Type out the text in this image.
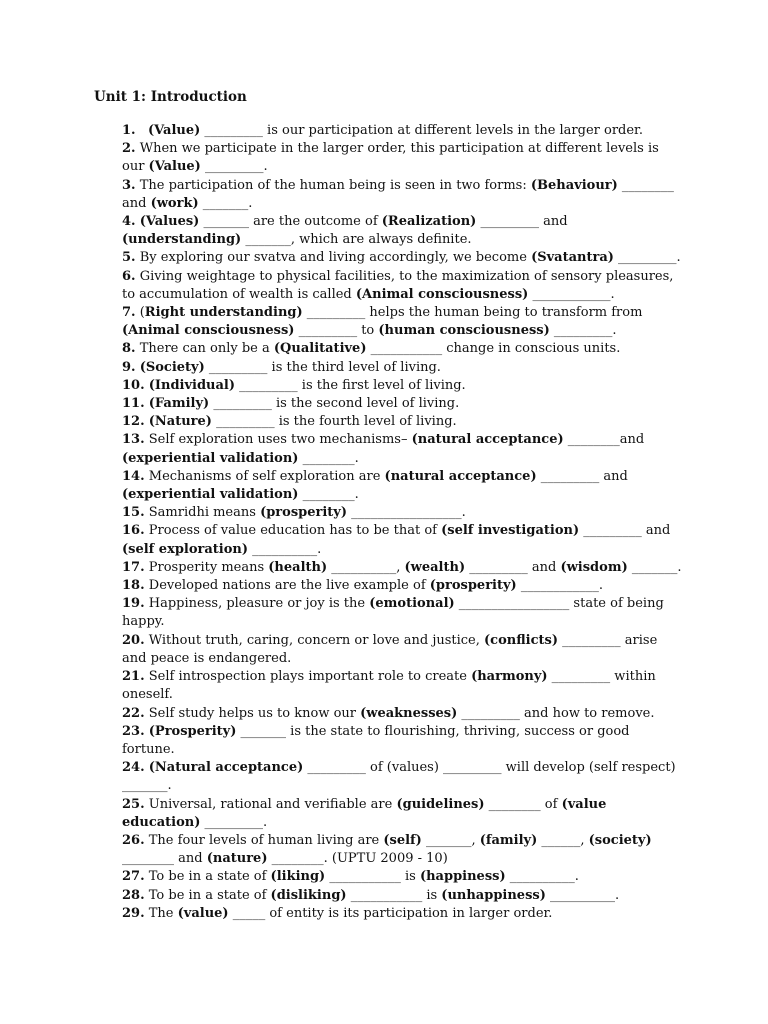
Unit 1: Introduction
1. (Value) _________ is our participation at different levels in the larger order.
2. When we participate in the larger order, this participation at different levels is our (Value) _________.
3. The participation of the human being is seen in two forms: (Behaviour) ________ and (work) _______.
4. (Values) _______ are the outcome of (Realization) _________ and (understanding) _______, which are always definite.
5. By exploring our svatva and living accordingly, we become (Svatantra) _________.
6. Giving weightage to physical facilities, to the maximization of sensory pleasures, to accumulation of wealth is called (Animal consciousness) ____________.
7. (Right understanding) _________ helps the human being to transform from (Animal consciousness) _________ to (human consciousness) _________.
8. There can only be a (Qualitative) ___________ change in conscious units.
9. (Society) _________ is the third level of living.
10. (Individual) _________ is the first level of living.
11. (Family) _________ is the second level of living.
12. (Nature) _________ is the fourth level of living.
13. Self exploration uses two mechanisms– (natural acceptance) ________and (experiential validation) ________.
14. Mechanisms of self exploration are (natural acceptance) _________ and (experiential validation) ________.
15. Samridhi means (prosperity) _________________.
16. Process of value education has to be that of (self investigation) _________ and (self exploration) __________.
17. Prosperity means (health) __________, (wealth) _________ and (wisdom) _______.
18. Developed nations are the live example of (prosperity) ____________.
19. Happiness, pleasure or joy is the (emotional) _________________ state of being happy.
20. Without truth, caring, concern or love and justice, (conflicts) _________ arise and peace is endangered.
21. Self introspection plays important role to create (harmony) _________ within oneself.
22. Self study helps us to know our (weaknesses) _________ and how to remove.
23. (Prosperity) _______ is the state to flourishing, thriving, success or good fortune.
24. (Natural acceptance) _________ of (values) _________ will develop (self respect) _______.
25. Universal, rational and verifiable are (guidelines) ________ of (value education) _________.
26. The four levels of human living are (self) _______, (family) ______, (society) ________ and (nature) ________. (UPTU 2009 - 10)
27. To be in a state of (liking) ___________ is (happiness) __________.
28. To be in a state of (disliking) ___________ is (unhappiness) __________.
29. The (value) _____ of entity is its participation in larger order.
